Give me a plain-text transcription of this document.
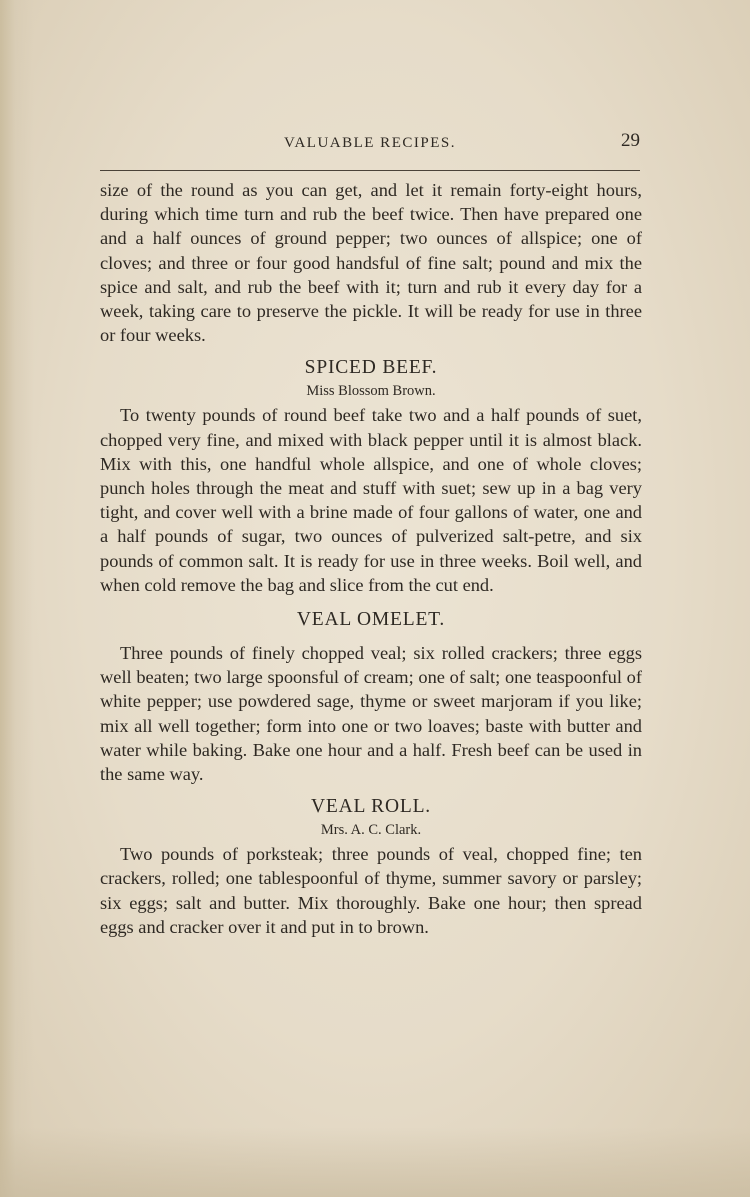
VALUABLE RECIPES.	29

size of the round as you can get, and let it remain forty-eight hours, during which time turn and rub the beef twice. Then have prepared one and a half ounces of ground pepper; two ounces of allspice; one of cloves; and three or four good handsful of fine salt; pound and mix the spice and salt, and rub the beef with it; turn and rub it every day for a week, taking care to preserve the pickle. It will be ready for use in three or four weeks.

SPICED BEEF.
Miss Blossom Brown.

To twenty pounds of round beef take two and a half pounds of suet, chopped very fine, and mixed with black pepper until it is almost black. Mix with this, one handful whole allspice, and one of whole cloves; punch holes through the meat and stuff with suet; sew up in a bag very tight, and cover well with a brine made of four gallons of water, one and a half pounds of sugar, two ounces of pulverized salt-petre, and six pounds of common salt. It is ready for use in three weeks. Boil well, and when cold remove the bag and slice from the cut end.

VEAL OMELET.

Three pounds of finely chopped veal; six rolled crackers; three eggs well beaten; two large spoonsful of cream; one of salt; one teaspoonful of white pepper; use powdered sage, thyme or sweet marjoram if you like; mix all well together; form into one or two loaves; baste with butter and water while baking. Bake one hour and a half. Fresh beef can be used in the same way.

VEAL ROLL.
Mrs. A. C. Clark.

Two pounds of porksteak; three pounds of veal, chopped fine; ten crackers, rolled; one tablespoonful of thyme, summer savory or parsley; six eggs; salt and butter. Mix thoroughly. Bake one hour; then spread eggs and cracker over it and put in to brown.
